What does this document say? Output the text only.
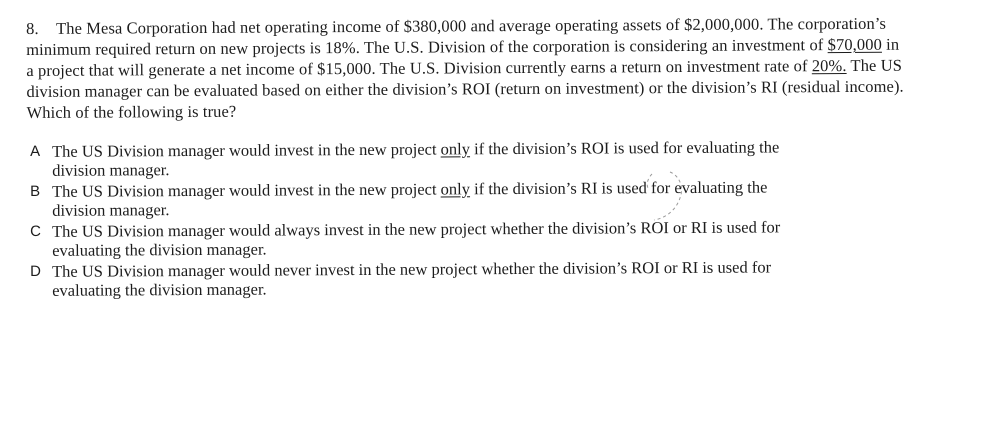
8. The Mesa Corporation had net operating income of $380,000 and average operating assets of $2,000,000. The corporation’s minimum required return on new projects is 18%. The U.S. Division of the corporation is considering an investment of $70,000 in a project that will generate a net income of $15,000. The U.S. Division currently earns a return on investment rate of 20%. The US division manager can be evaluated based on either the division’s ROI (return on investment) or the division’s RI (residual income). Which of the following is true?
A The US Division manager would invest in the new project only if the division’s ROI is used for evaluating the
division manager.
B The US Division manager would invest in the new project only if the division’s RI is used for evaluating the
division manager.
C The US Division manager would always invest in the new project whether the division’s ROI or RI is used for
evaluating the division manager.
D The US Division manager would never invest in the new project whether the division’s ROI or RI is used for
evaluating the division manager.
